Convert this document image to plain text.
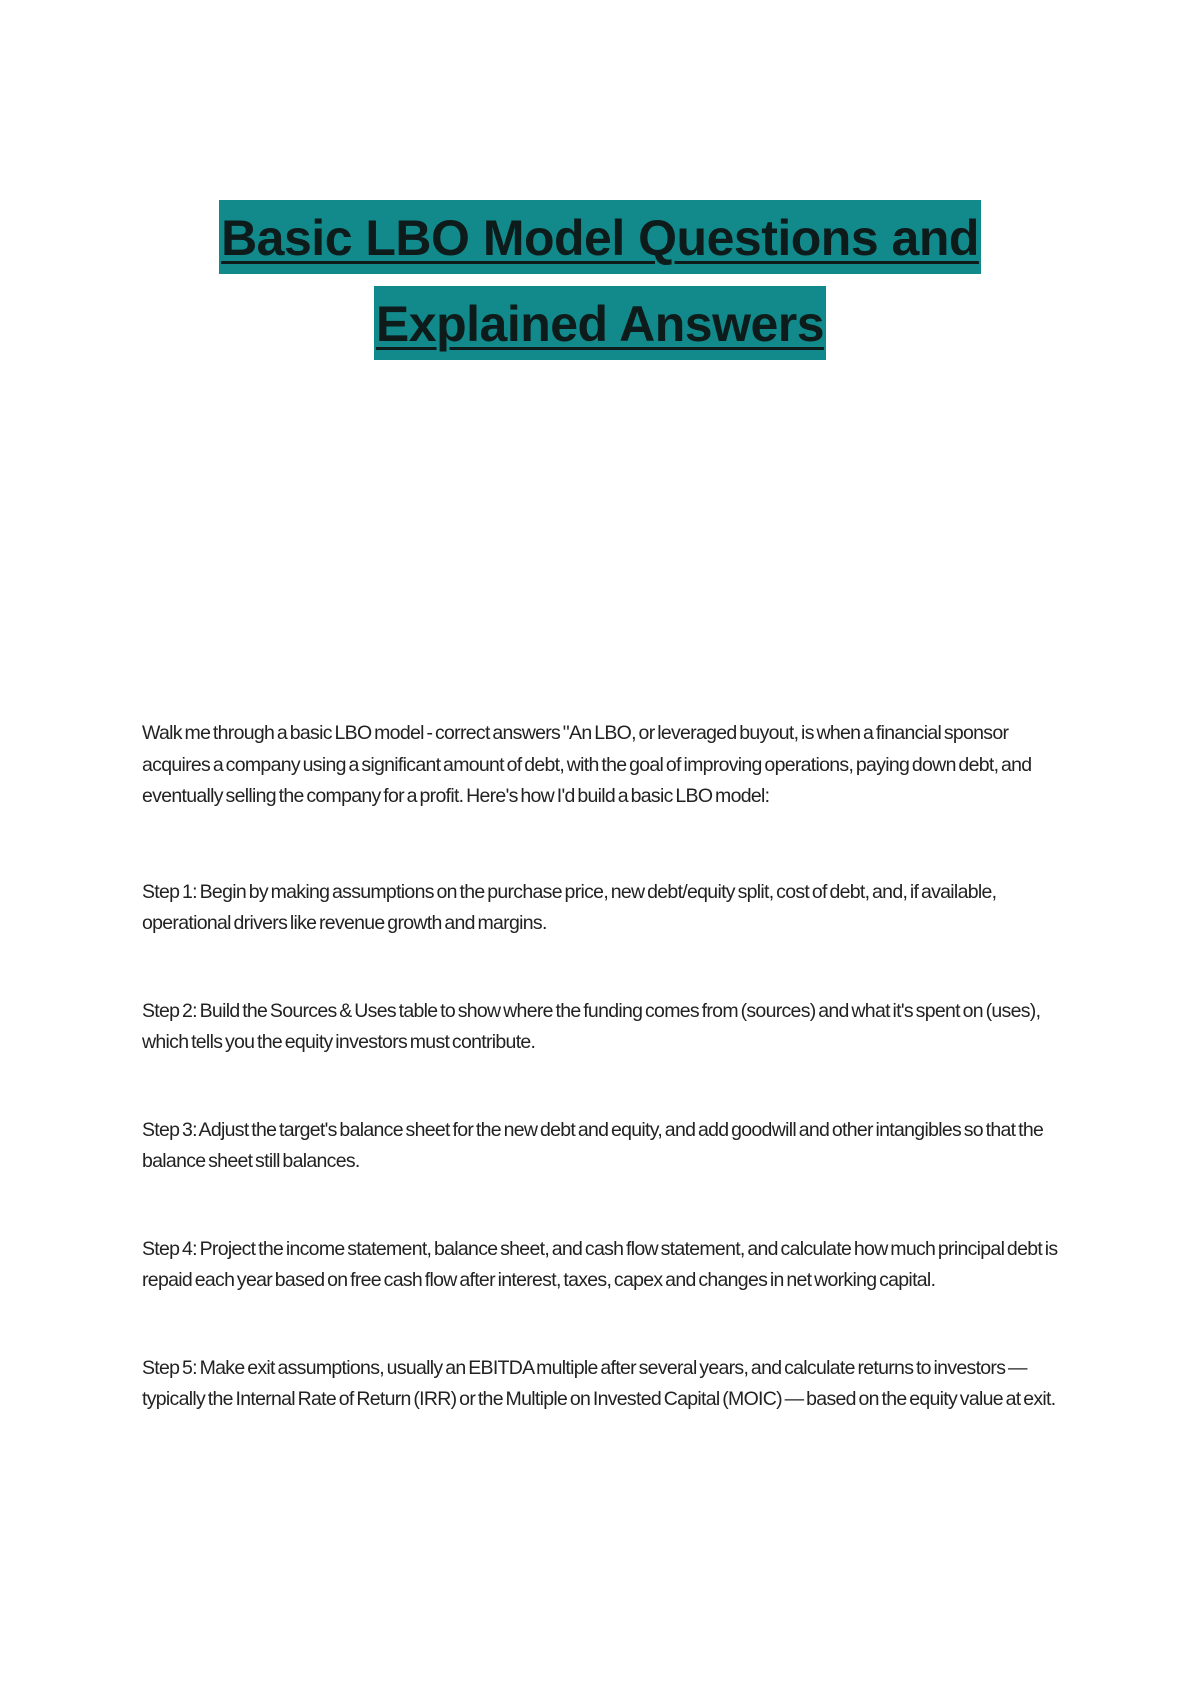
Basic LBO Model Questions and
Explained Answers

Walk me through a basic LBO model - correct answers "An LBO, or leveraged buyout, is when a financial sponsor acquires a company using a significant amount of debt, with the goal of improving operations, paying down debt, and eventually selling the company for a profit. Here's how I'd build a basic LBO model:

Step 1: Begin by making assumptions on the purchase price, new debt/equity split, cost of debt, and, if available, operational drivers like revenue growth and margins.

Step 2: Build the Sources & Uses table to show where the funding comes from (sources) and what it's spent on (uses), which tells you the equity investors must contribute.

Step 3: Adjust the target's balance sheet for the new debt and equity, and add goodwill and other intangibles so that the balance sheet still balances.

Step 4: Project the income statement, balance sheet, and cash flow statement, and calculate how much principal debt is repaid each year based on free cash flow after interest, taxes, capex and changes in net working capital.

Step 5: Make exit assumptions, usually an EBITDA multiple after several years, and calculate returns to investors — typically the Internal Rate of Return (IRR) or the Multiple on Invested Capital (MOIC) — based on the equity value at exit.
